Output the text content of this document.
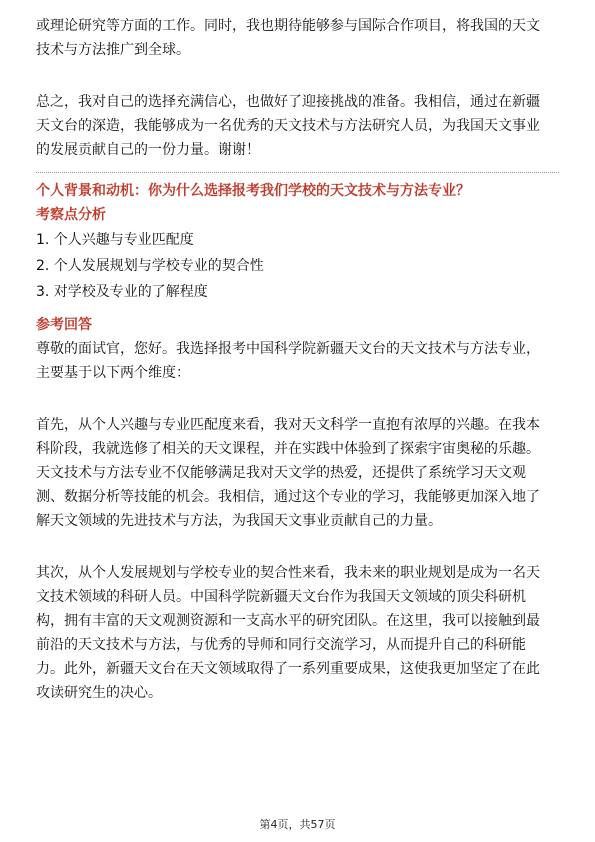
或理论研究等方面的工作。同时，我也期待能够参与国际合作项目，将我国的天文

技术与方法推广到全球。

总之，我对自己的选择充满信心，也做好了迎接挑战的准备。我相信，通过在新疆

天文台的深造，我能够成为一名优秀的天文技术与方法研究人员，为我国天文事业

的发展贡献自己的一份力量。谢谢！

个人背景和动机：你为什么选择报考我们学校的天文技术与方法专业？

考察点分析

1. 个人兴趣与专业匹配度
2. 个人发展规划与学校专业的契合性
3. 对学校及专业的了解程度

参考回答

尊敬的面试官，您好。我选择报考中国科学院新疆天文台的天文技术与方法专业，

主要基于以下两个维度：

首先，从个人兴趣与专业匹配度来看，我对天文科学一直抱有浓厚的兴趣。在我本

科阶段，我就选修了相关的天文课程，并在实践中体验到了探索宇宙奥秘的乐趣。

天文技术与方法专业不仅能够满足我对天文学的热爱，还提供了系统学习天文观

测、数据分析等技能的机会。我相信，通过这个专业的学习，我能够更加深入地了

解天文领域的先进技术与方法，为我国天文事业贡献自己的力量。

其次，从个人发展规划与学校专业的契合性来看，我未来的职业规划是成为一名天

文技术领域的科研人员。中国科学院新疆天文台作为我国天文领域的顶尖科研机

构，拥有丰富的天文观测资源和一支高水平的研究团队。在这里，我可以接触到最

前沿的天文技术与方法，与优秀的导师和同行交流学习，从而提升自己的科研能

力。此外，新疆天文台在天文领域取得了一系列重要成果，这使我更加坚定了在此

攻读研究生的决心。

第4页，共57页
